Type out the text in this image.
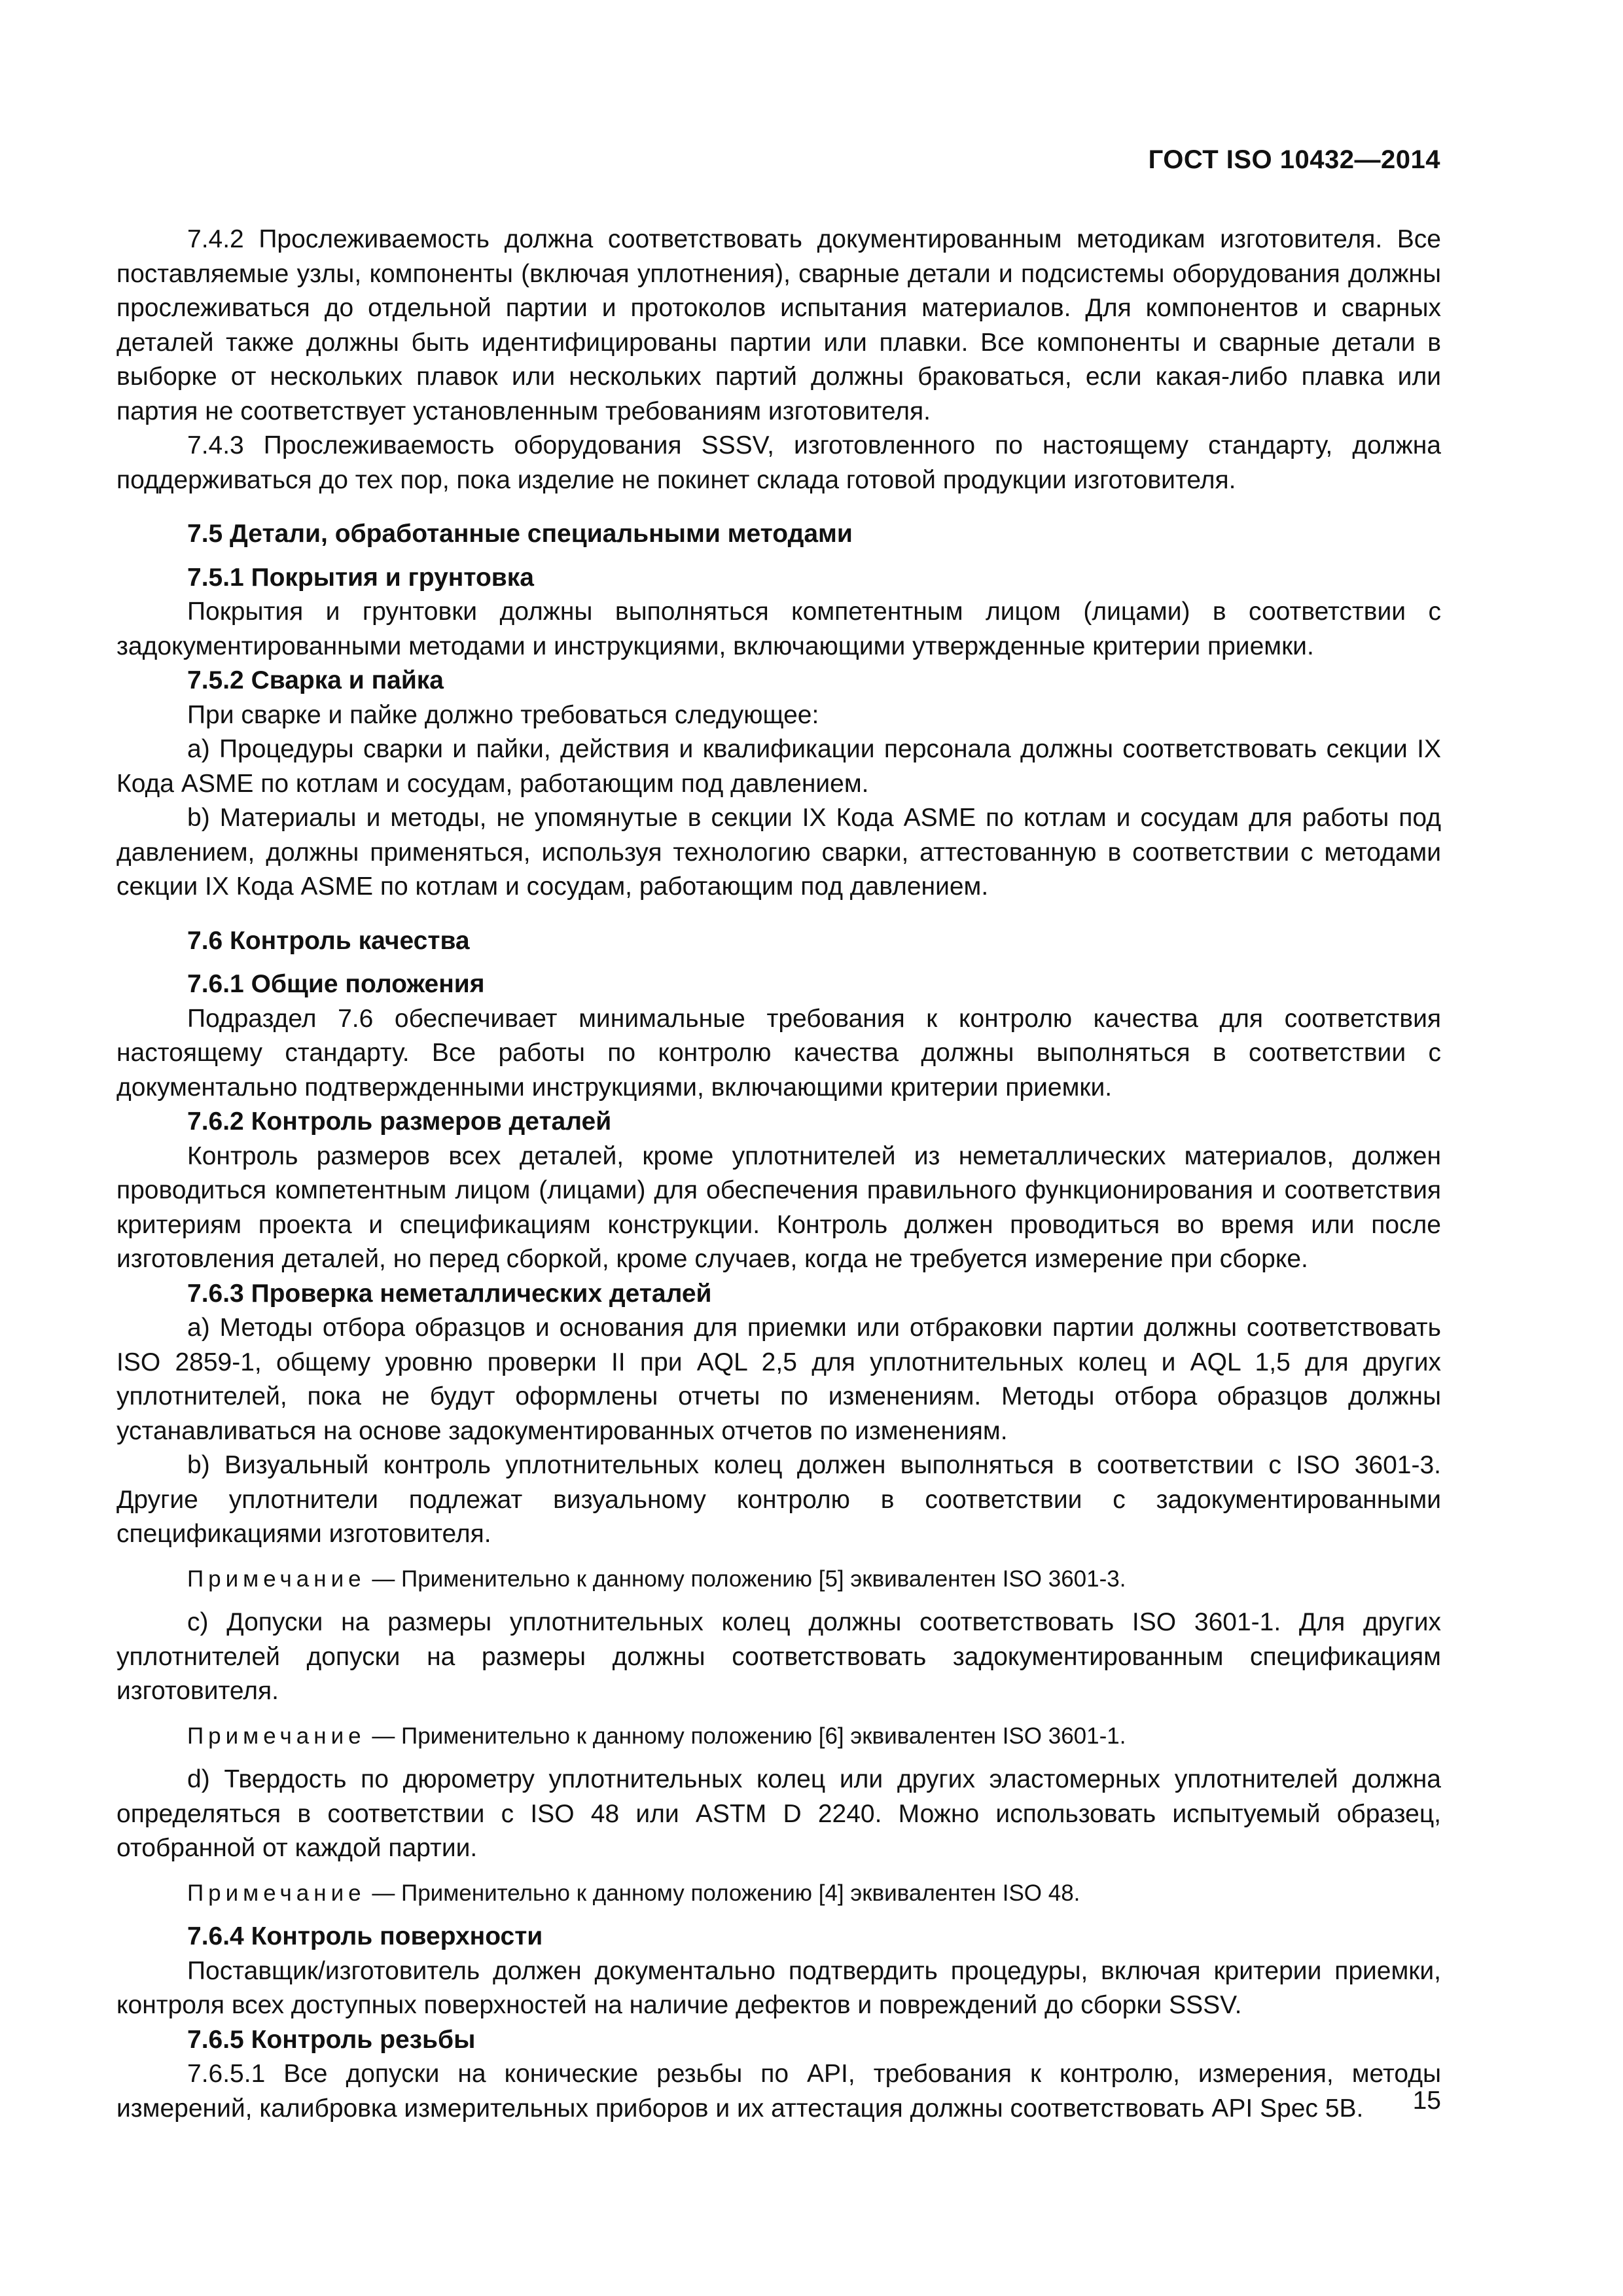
ГОСТ ISO 10432—2014

7.4.2 Прослеживаемость должна соответствовать документированным методикам изготовителя. Все поставляемые узлы, компоненты (включая уплотнения), сварные детали и подсистемы оборудования должны прослеживаться до отдельной партии и протоколов испытания материалов. Для компонентов и сварных деталей также должны быть идентифицированы партии или плавки. Все компоненты и сварные детали в выборке от нескольких плавок или нескольких партий должны браковаться, если какая-либо плавка или партия не соответствует установленным требованиям изготовителя.

7.4.3 Прослеживаемость оборудования SSSV, изготовленного по настоящему стандарту, должна поддерживаться до тех пор, пока изделие не покинет склада готовой продукции изготовителя.

7.5 Детали, обработанные специальными методами
7.5.1 Покрытия и грунтовка

Покрытия и грунтовки должны выполняться компетентным лицом (лицами) в соответствии с задокументированными методами и инструкциями, включающими утвержденные критерии приемки.

7.5.2 Сварка и пайка

При сварке и пайке должно требоваться следующее:

а) Процедуры сварки и пайки, действия и квалификации персонала должны соответствовать секции IX Кода ASME по котлам и сосудам, работающим под давлением.

b) Материалы и методы, не упомянутые в секции IX Кода ASME по котлам и сосудам для работы под давлением, должны применяться, используя технологию сварки, аттестованную в соответствии с методами секции IX Кода ASME по котлам и сосудам, работающим под давлением.

7.6 Контроль качества
7.6.1 Общие положения

Подраздел 7.6 обеспечивает минимальные требования к контролю качества для соответствия настоящему стандарту. Все работы по контролю качества должны выполняться в соответствии с документально подтвержденными инструкциями, включающими критерии приемки.

7.6.2 Контроль размеров деталей

Контроль размеров всех деталей, кроме уплотнителей из неметаллических материалов, должен проводиться компетентным лицом (лицами) для обеспечения правильного функционирования и соответствия критериям проекта и спецификациям конструкции. Контроль должен проводиться во время или после изготовления деталей, но перед сборкой, кроме случаев, когда не требуется измерение при сборке.

7.6.3 Проверка неметаллических деталей

а) Методы отбора образцов и основания для приемки или отбраковки партии должны соответствовать ISO 2859-1, общему уровню проверки II при AQL 2,5 для уплотнительных колец и AQL 1,5 для других уплотнителей, пока не будут оформлены отчеты по изменениям. Методы отбора образцов должны устанавливаться на основе задокументированных отчетов по изменениям.

b) Визуальный контроль уплотнительных колец должен выполняться в соответствии с ISO 3601-3. Другие уплотнители подлежат визуальному контролю в соответствии с задокументированными спецификациями изготовителя.

Примечание — Применительно к данному положению [5] эквивалентен ISO 3601-3.

с) Допуски на размеры уплотнительных колец должны соответствовать ISO 3601-1. Для других уплотнителей допуски на размеры должны соответствовать задокументированным спецификациям изготовителя.

Примечание — Применительно к данному положению [6] эквивалентен ISO 3601-1.

d) Твердость по дюрометру уплотнительных колец или других эластомерных уплотнителей должна определяться в соответствии с ISO 48 или ASTM D 2240. Можно использовать испытуемый образец, отобранной от каждой партии.

Примечание — Применительно к данному положению [4] эквивалентен ISO 48.
7.6.4 Контроль поверхности

Поставщик/изготовитель должен документально подтвердить процедуры, включая критерии приемки, контроля всех доступных поверхностей на наличие дефектов и повреждений до сборки SSSV.

7.6.5 Контроль резьбы

7.6.5.1 Все допуски на конические резьбы по API, требования к контролю, измерения, методы измерений, калибровка измерительных приборов и их аттестация должны соответствовать API Spec 5B.	15
